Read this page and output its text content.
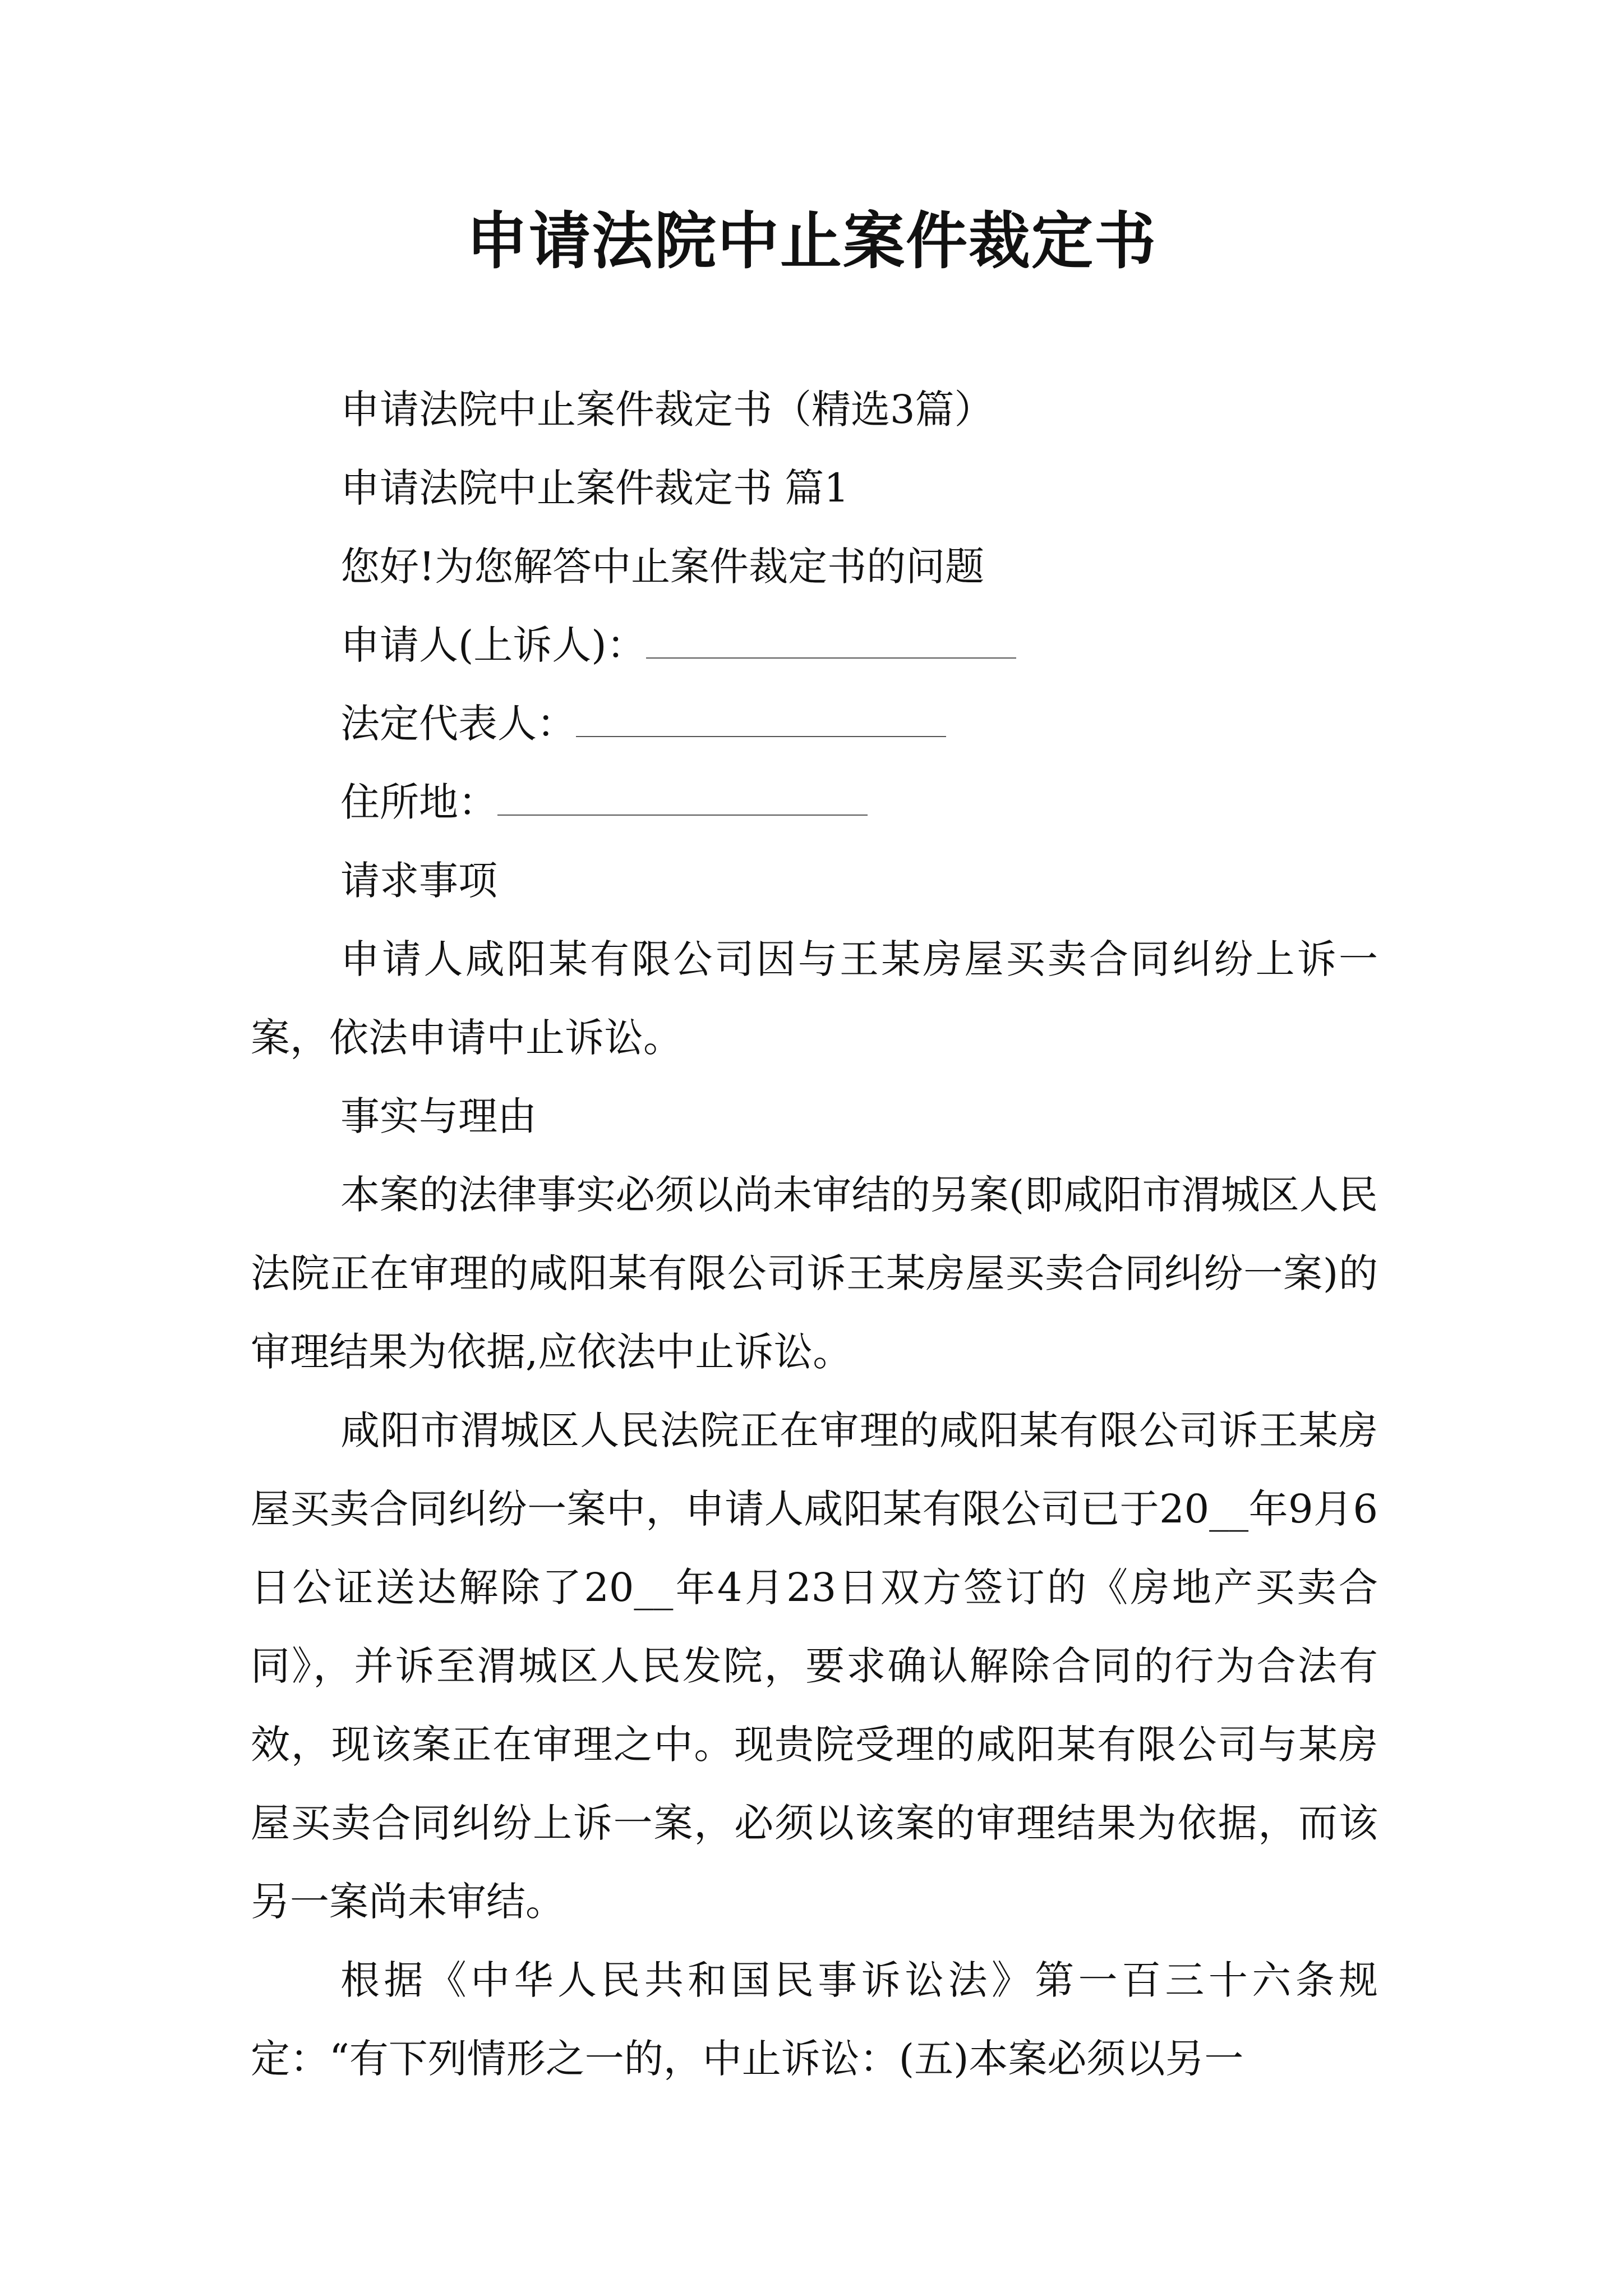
申请法院中止案件裁定书

申请法院中止案件裁定书（精选3篇）

申请法院中止案件裁定书 篇1

您好!为您解答中止案件裁定书的问题

申请人(上诉人)：
法定代表人：
住所地：

请求事项

申请人咸阳某有限公司因与王某房屋买卖合同纠纷上诉一案，依法申请中止诉讼。

事实与理由

本案的法律事实必须以尚未审结的另案(即咸阳市渭城区人民法院正在审理的咸阳某有限公司诉王某房屋买卖合同纠纷一案)的审理结果为依据,应依法中止诉讼。

咸阳市渭城区人民法院正在审理的咸阳某有限公司诉王某房屋买卖合同纠纷一案中，申请人咸阳某有限公司已于20__年9月6日公证送达解除了20__年4月23日双方签订的《房地产买卖合同》，并诉至渭城区人民发院，要求确认解除合同的行为合法有效，现该案正在审理之中。现贵院受理的咸阳某有限公司与某房屋买卖合同纠纷上诉一案，必须以该案的审理结果为依据，而该另一案尚未审结。

根据《中华人民共和国民事诉讼法》第一百三十六条规定：“有下列情形之一的，中止诉讼：(五)本案必须以另一
